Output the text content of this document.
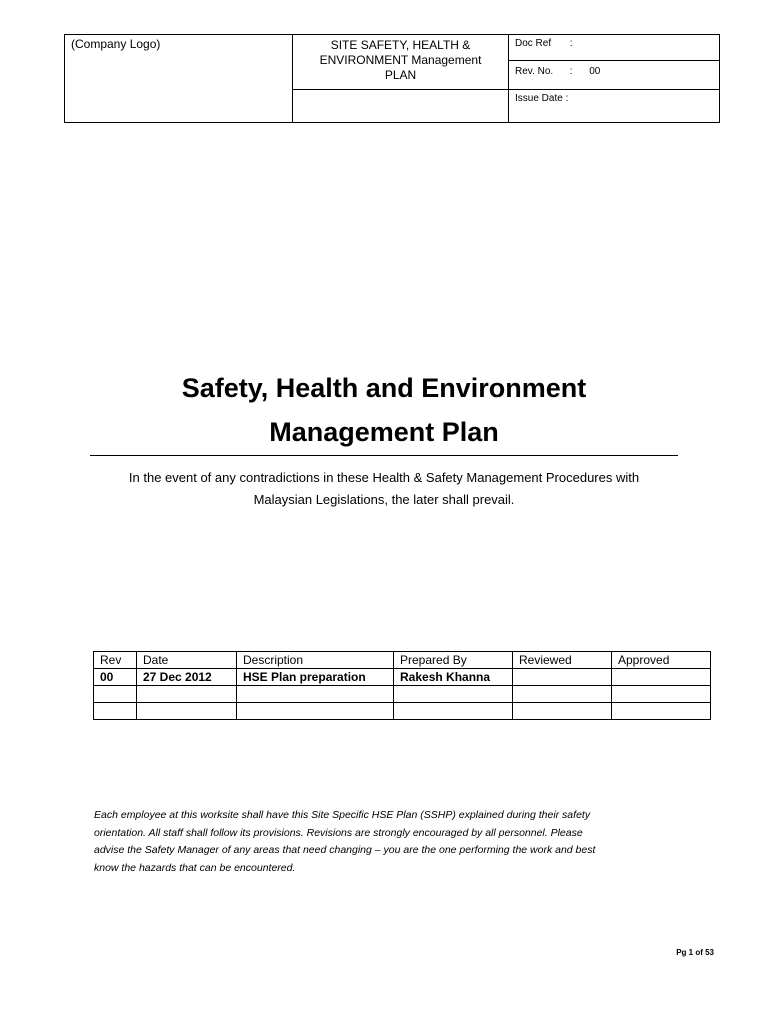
(Company Logo)	SITE SAFETY, HEALTH &
ENVIRONMENT Management
PLAN
Doc Ref :
Rev. No. :      00
Issue Date :
Safety, Health and Environment
Management Plan
In the event of any contradictions in these Health & Safety Management Procedures with
Malaysian Legislations, the later shall prevail.
Rev	Date	Description	Prepared By	Reviewed	Approved
00	27 Dec 2012	HSE Plan preparation	Rakesh Khanna		

Each employee at this worksite shall have this Site Specific HSE Plan (SSHP) explained during their safety
orientation. All staff shall follow its provisions. Revisions are strongly encouraged by all personnel. Please
advise the Safety Manager of any areas that need changing – you are the one performing the work and best
know the hazards that can be encountered.
Pg 1 of 53
